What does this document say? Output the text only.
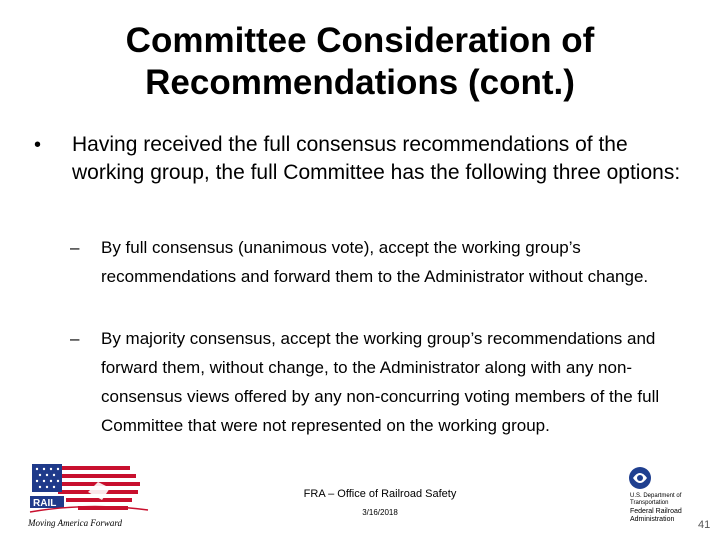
Committee Consideration of
Recommendations (cont.)
• Having received the full consensus recommendations of the working group, the full Committee has the following three options:
– By full consensus (unanimous vote), accept the working group’s recommendations and forward them to the Administrator without change.
– By majority consensus, accept the working group’s recommendations and forward them, without change, to the Administrator along with any non-consensus views offered by any non-concurring voting members of the full Committee that were not represented on the working group.
RAIL
Moving America Forward
FRA – Office of Railroad Safety
3/16/2018
U.S. Department of Transportation
Federal Railroad Administration	41
